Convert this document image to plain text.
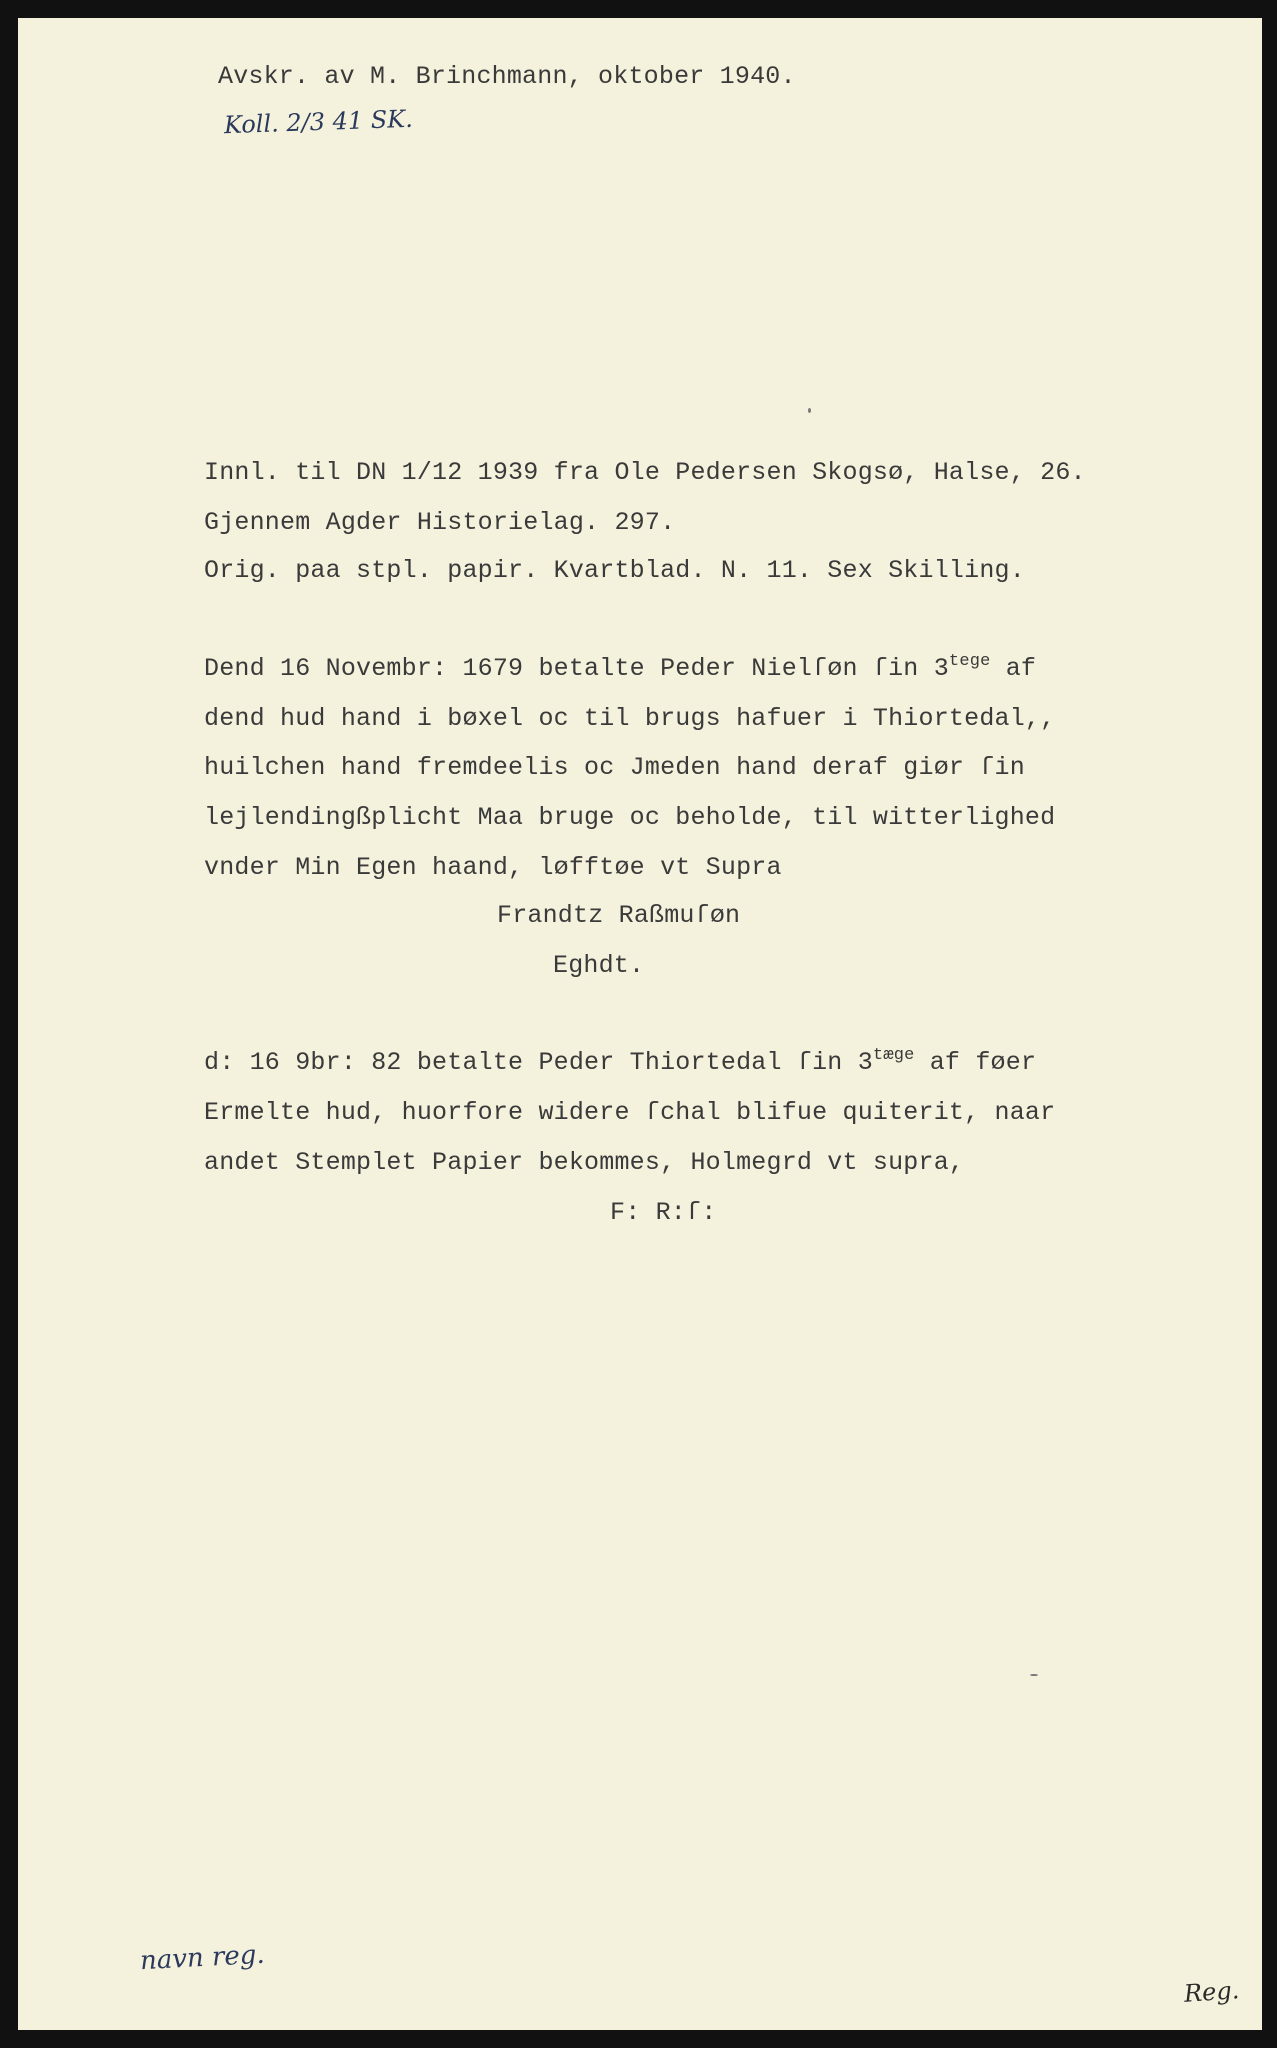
Avskr. av M. Brinchmann, oktober 1940.
Koll. 2/3 41 SK.
Innl. til DN 1/12 1939 fra Ole Pedersen Skogsø, Halse, 26.
Gjennem Agder Historielag. 297.
Orig. paa stpl. papir. Kvartblad. N. 11. Sex Skilling.
Dend 16 Novembr: 1679 betalte Peder Nielſøn ſin $3^{tege}$ af
dend hud hand i bøxel oc til brugs hafuer i Thiortedal,,
huilchen hand fremdeelis oc Jmeden hand deraf giør ſin
lejlendingßplicht Maa bruge oc beholde, til witterlighed
vnder Min Egen haand, løfftøe vt Supra
Frandtz Raßmuſøn
Eghdt.
d: 16 9br: 82 betalte Peder Thiortedal ſin $3^{tæge}$ af føer
Ermelte hud, huorfore widere ſchal blifue quiterit, naar
andet Stemplet Papier bekommes, Holmegrd vt supra,
F: R:ſ:
navn reg.
Reg.
